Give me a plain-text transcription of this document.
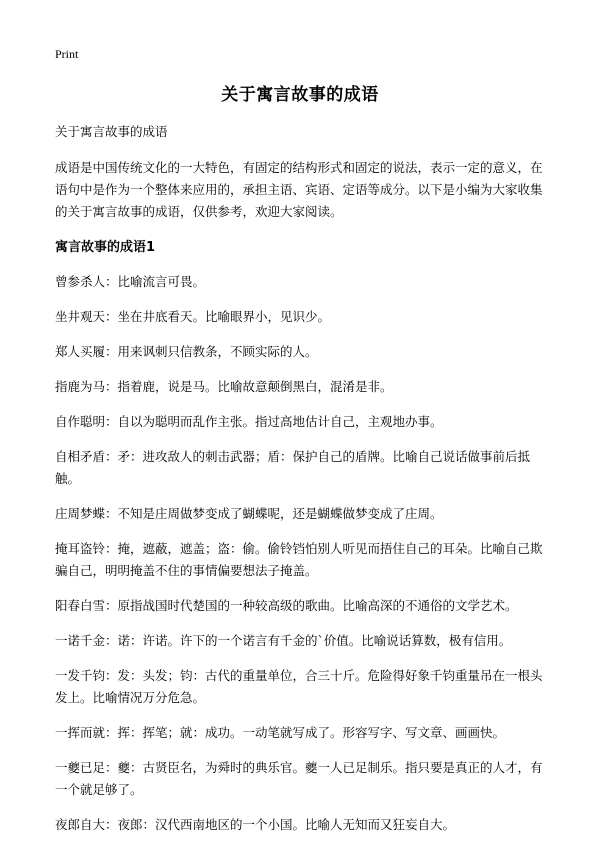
Print
关于寓言故事的成语
关于寓言故事的成语
成语是中国传统文化的一大特色，有固定的结构形式和固定的说法，表示一定的意义，在语句中是作为一个整体来应用的，承担主语、宾语、定语等成分。以下是小编为大家收集的关于寓言故事的成语，仅供参考，欢迎大家阅读。
寓言故事的成语1
曾参杀人：比喻流言可畏。
坐井观天：坐在井底看天。比喻眼界小，见识少。
郑人买履：用来讽刺只信教条，不顾实际的人。
指鹿为马：指着鹿，说是马。比喻故意颠倒黑白，混淆是非。
自作聪明：自以为聪明而乱作主张。指过高地估计自己，主观地办事。
自相矛盾：矛：进攻敌人的刺击武器；盾：保护自己的盾牌。比喻自己说话做事前后抵触。
庄周梦蝶：不知是庄周做梦变成了蝴蝶呢，还是蝴蝶做梦变成了庄周。
掩耳盗铃：掩，遮蔽，遮盖；盗：偷。偷铃铛怕别人听见而捂住自己的耳朵。比喻自己欺骗自己，明明掩盖不住的事情偏要想法子掩盖。
阳春白雪：原指战国时代楚国的一种较高级的歌曲。比喻高深的不通俗的文学艺术。
一诺千金：诺：许诺。许下的一个诺言有千金的`价值。比喻说话算数，极有信用。
一发千钧：发：头发；钧：古代的重量单位，合三十斤。危险得好象千钧重量吊在一根头发上。比喻情况万分危急。
一挥而就：挥：挥笔；就：成功。一动笔就写成了。形容写字、写文章、画画快。
一夔已足：夔：古贤臣名，为舜时的典乐官。夔一人已足制乐。指只要是真正的人才，有一个就足够了。
夜郎自大：夜郎：汉代西南地区的一个小国。比喻人无知而又狂妄自大。
